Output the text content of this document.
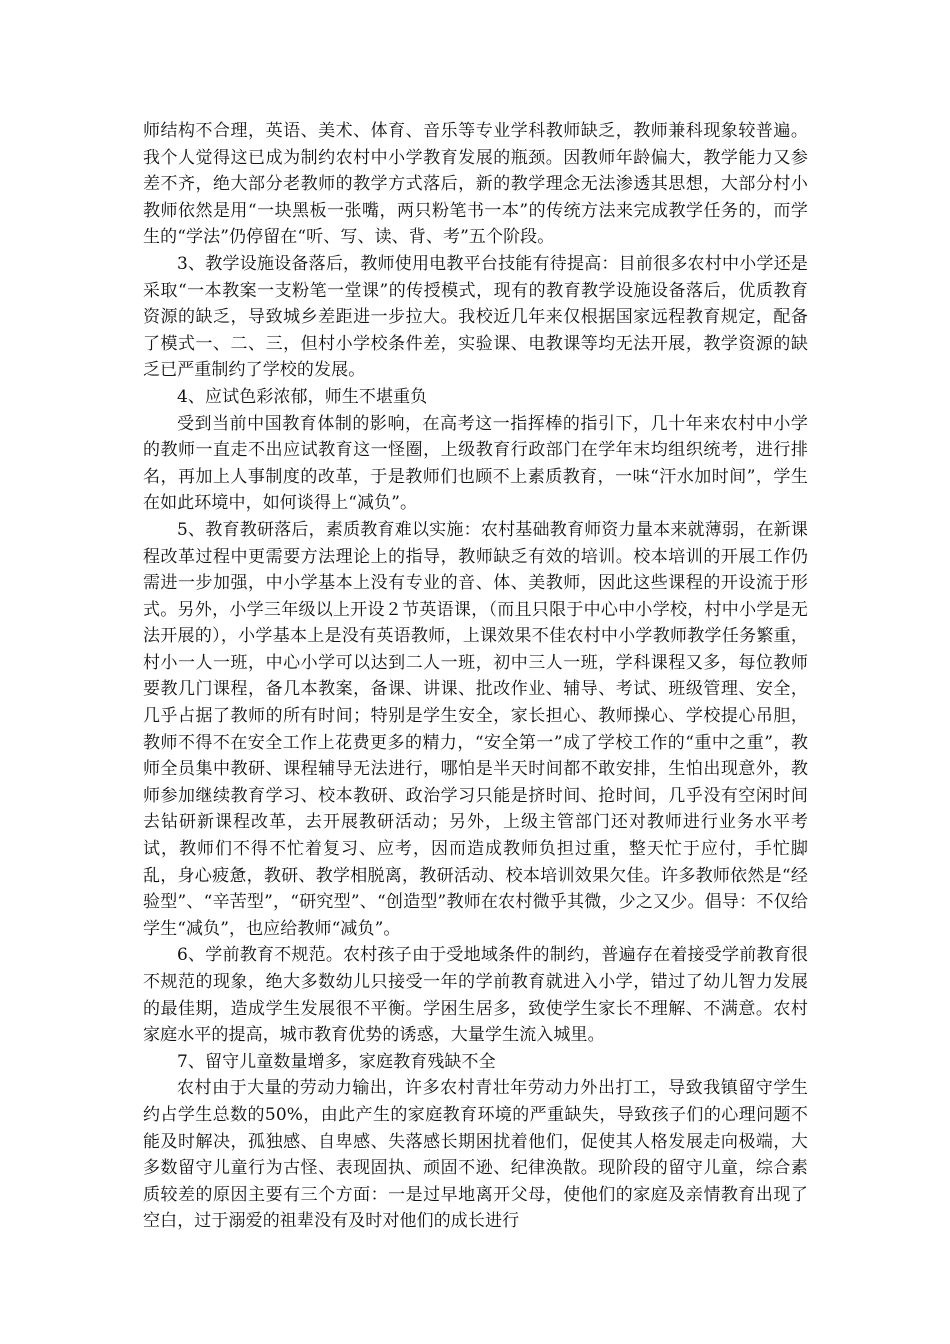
师结构不合理，英语、美术、体育、音乐等专业学科教师缺乏，教师兼科现象较普遍。我个人觉得这已成为制约农村中小学教育发展的瓶颈。因教师年龄偏大，教学能力又参差不齐，绝大部分老教师的教学方式落后，新的教学理念无法渗透其思想，大部分村小教师依然是用“一块黑板一张嘴，两只粉笔书一本”的传统方法来完成教学任务的，而学生的“学法”仍停留在“听、写、读、背、考”五个阶段。

3、教学设施设备落后，教师使用电教平台技能有待提高：目前很多农村中小学还是采取“一本教案一支粉笔一堂课”的传授模式，现有的教育教学设施设备落后，优质教育资源的缺乏，导致城乡差距进一步拉大。我校近几年来仅根据国家远程教育规定，配备了模式一、二、三，但村小学校条件差，实验课、电教课等均无法开展，教学资源的缺乏已严重制约了学校的发展。

4、应试色彩浓郁，师生不堪重负

受到当前中国教育体制的影响，在高考这一指挥棒的指引下，几十年来农村中小学的教师一直走不出应试教育这一怪圈，上级教育行政部门在学年末均组织统考，进行排名，再加上人事制度的改革，于是教师们也顾不上素质教育，一味“汗水加时间”，学生在如此环境中，如何谈得上“减负”。

5、教育教研落后，素质教育难以实施：农村基础教育师资力量本来就薄弱，在新课程改革过程中更需要方法理论上的指导，教师缺乏有效的培训。校本培训的开展工作仍需进一步加强，中小学基本上没有专业的音、体、美教师，因此这些课程的开设流于形式。另外，小学三年级以上开设２节英语课，（而且只限于中心中小学校，村中小学是无法开展的），小学基本上是没有英语教师，上课效果不佳农村中小学教师教学任务繁重，村小一人一班，中心小学可以达到二人一班，初中三人一班，学科课程又多，每位教师要教几门课程，备几本教案，备课、讲课、批改作业、辅导、考试、班级管理、安全，几乎占据了教师的所有时间；特别是学生安全，家长担心、教师操心、学校提心吊胆，教师不得不在安全工作上花费更多的精力，“安全第一”成了学校工作的“重中之重”，教师全员集中教研、课程辅导无法进行，哪怕是半天时间都不敢安排，生怕出现意外，教师参加继续教育学习、校本教研、政治学习只能是挤时间、抢时间，几乎没有空闲时间去钻研新课程改革，去开展教研活动；另外，上级主管部门还对教师进行业务水平考试，教师们不得不忙着复习、应考，因而造成教师负担过重，整天忙于应付，手忙脚乱，身心疲惫，教研、教学相脱离，教研活动、校本培训效果欠佳。许多教师依然是“经验型”、“辛苦型”，“研究型”、“创造型”教师在农村微乎其微，少之又少。倡导：不仅给学生“减负”，也应给教师“减负”。

6、学前教育不规范。农村孩子由于受地域条件的制约，普遍存在着接受学前教育很不规范的现象，绝大多数幼儿只接受一年的学前教育就进入小学，错过了幼儿智力发展的最佳期，造成学生发展很不平衡。学困生居多，致使学生家长不理解、不满意。农村家庭水平的提高，城市教育优势的诱惑，大量学生流入城里。

7、留守儿童数量增多，家庭教育残缺不全

农村由于大量的劳动力输出，许多农村青壮年劳动力外出打工，导致我镇留守学生约占学生总数的50%，由此产生的家庭教育环境的严重缺失，导致孩子们的心理问题不能及时解决，孤独感、自卑感、失落感长期困扰着他们，促使其人格发展走向极端，大多数留守儿童行为古怪、表现固执、顽固不逊、纪律涣散。现阶段的留守儿童，综合素质较差的原因主要有三个方面：一是过早地离开父母，使他们的家庭及亲情教育出现了空白，过于溺爱的祖辈没有及时对他们的成长进行
